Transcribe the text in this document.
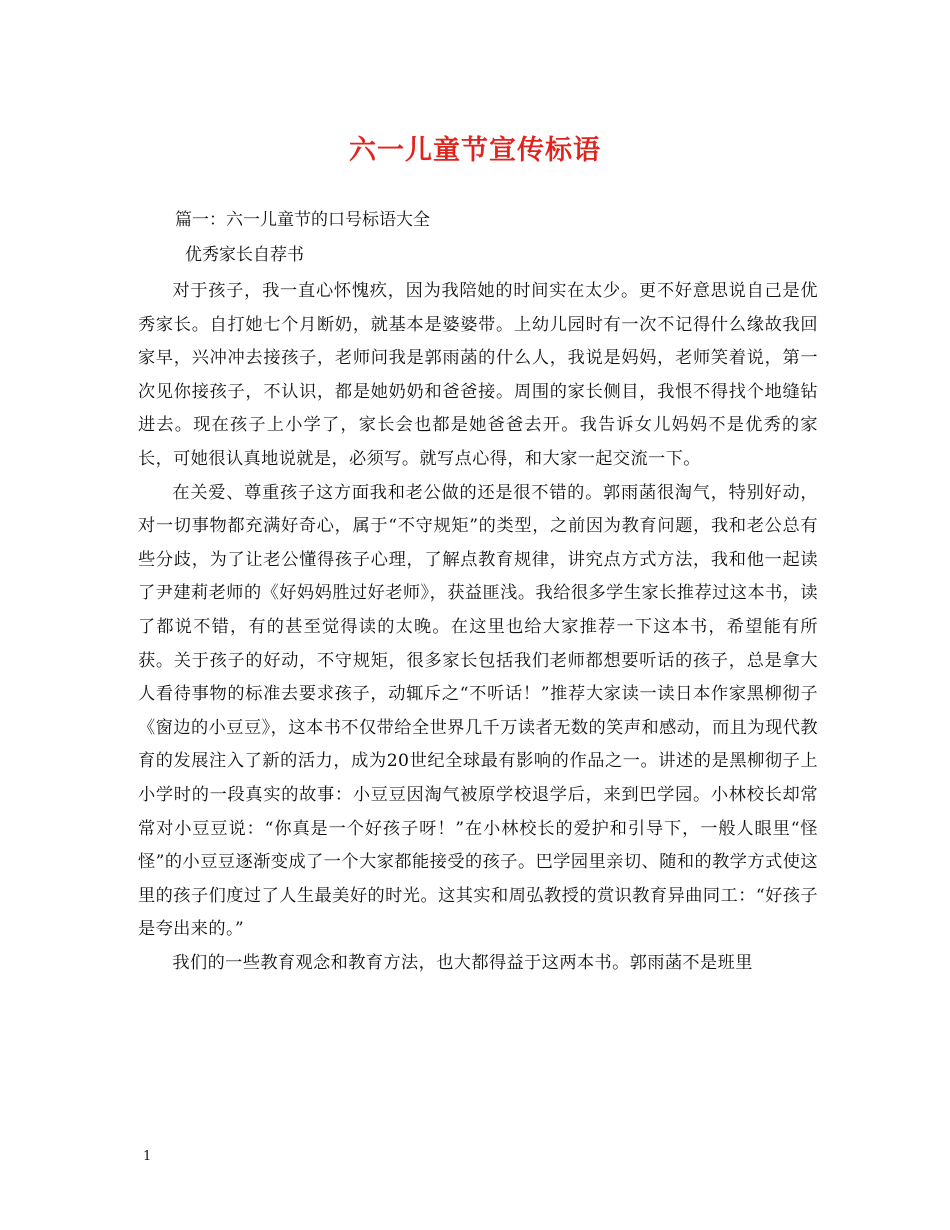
六一儿童节宣传标语
篇一：六一儿童节的口号标语大全
优秀家长自荐书

对于孩子，我一直心怀愧疚，因为我陪她的时间实在太少。更不好意思说自己是优秀家长。自打她七个月断奶，就基本是婆婆带。上幼儿园时有一次不记得什么缘故我回家早，兴冲冲去接孩子，老师问我是郭雨菡的什么人，我说是妈妈，老师笑着说，第一次见你接孩子，不认识，都是她奶奶和爸爸接。周围的家长侧目，我恨不得找个地缝钻进去。现在孩子上小学了，家长会也都是她爸爸去开。我告诉女儿妈妈不是优秀的家长，可她很认真地说就是，必须写。就写点心得，和大家一起交流一下。

在关爱、尊重孩子这方面我和老公做的还是很不错的。郭雨菡很淘气，特别好动，对一切事物都充满好奇心，属于“不守规矩”的类型，之前因为教育问题，我和老公总有些分歧，为了让老公懂得孩子心理，了解点教育规律，讲究点方式方法，我和他一起读了尹建莉老师的《好妈妈胜过好老师》，获益匪浅。我给很多学生家长推荐过这本书，读了都说不错，有的甚至觉得读的太晚。在这里也给大家推荐一下这本书，希望能有所获。关于孩子的好动，不守规矩，很多家长包括我们老师都想要听话的孩子，总是拿大人看待事物的标准去要求孩子，动辄斥之“不听话！”推荐大家读一读日本作家黑柳彻子《窗边的小豆豆》，这本书不仅带给全世界几千万读者无数的笑声和感动，而且为现代教育的发展注入了新的活力，成为20世纪全球最有影响的作品之一。讲述的是黑柳彻子上小学时的一段真实的故事：小豆豆因淘气被原学校退学后，来到巴学园。小林校长却常常对小豆豆说：“你真是一个好孩子呀！”在小林校长的爱护和引导下，一般人眼里“怪怪”的小豆豆逐渐变成了一个大家都能接受的孩子。巴学园里亲切、随和的教学方式使这里的孩子们度过了人生最美好的时光。这其实和周弘教授的赏识教育异曲同工：“好孩子是夸出来的。”

我们的一些教育观念和教育方法，也大都得益于这两本书。郭雨菡不是班里

1
